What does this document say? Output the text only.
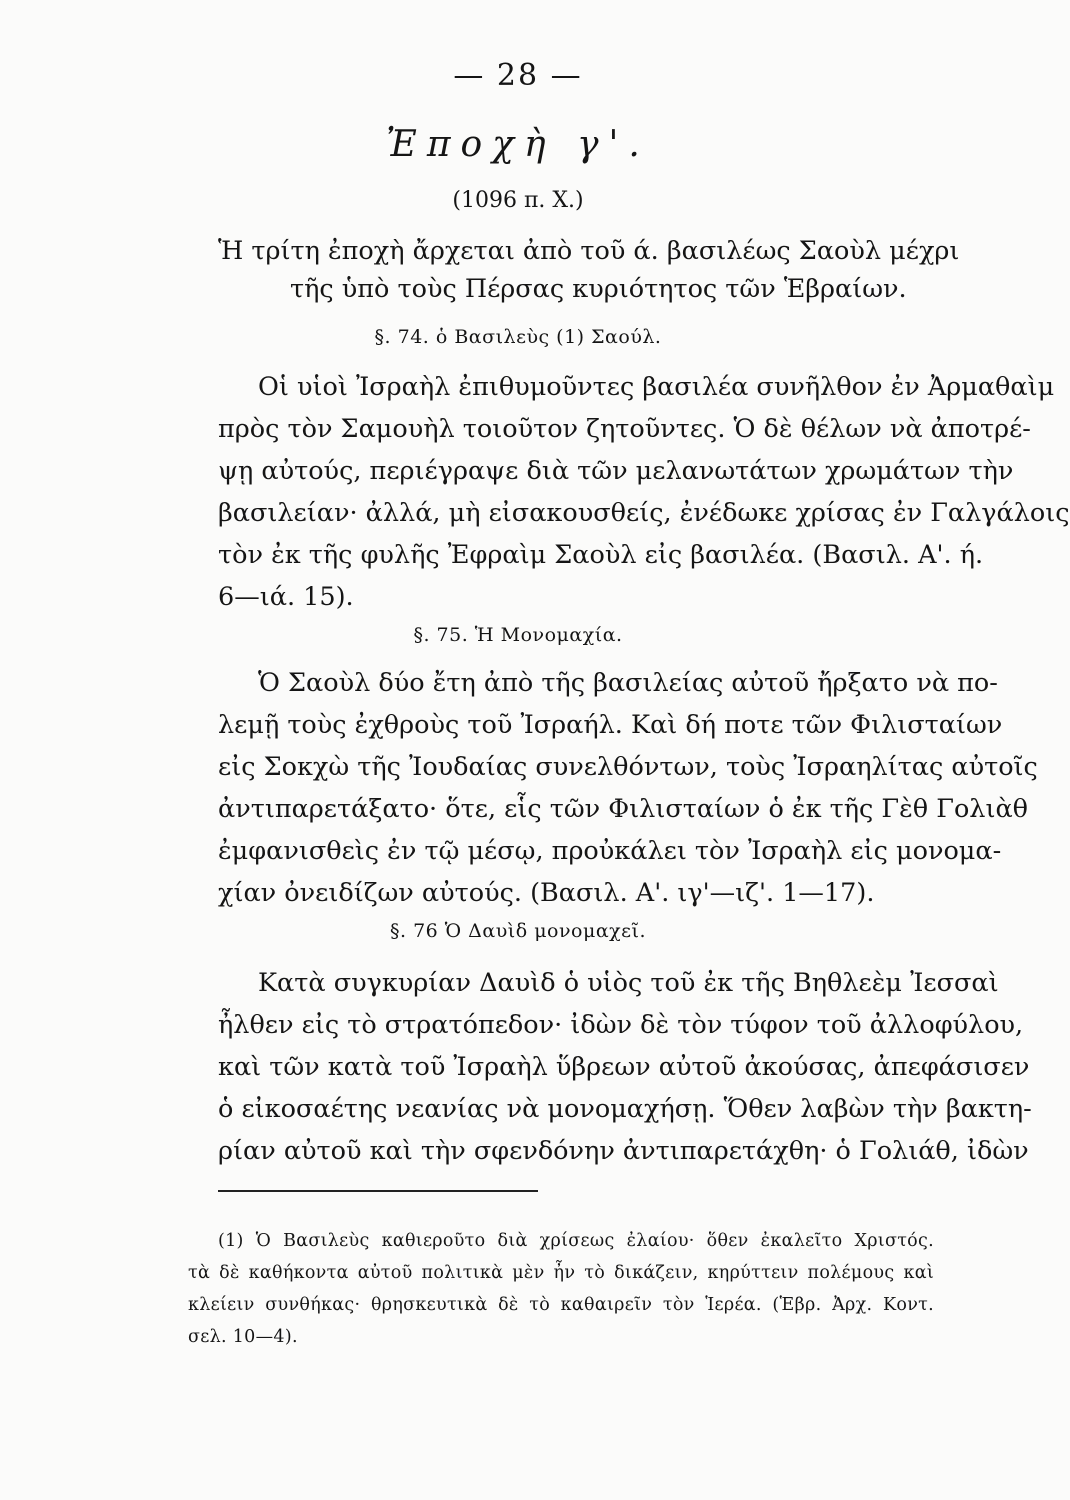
— 28 —
Ἐποχὴ γ'.
(1096 π. Χ.)
Ἡ τρίτη ἐποχὴ ἄρχεται ἀπὸ τοῦ ά. βασιλέως Σαοὺλ μέχρι
τῆς ὑπὸ τοὺς Πέρσας κυριότητος τῶν Ἑβραίων.
§. 74. ὁ Βασιλεὺς (1) Σαούλ.
Οἱ υἱοὶ Ἰσραὴλ ἐπιθυμοῦντες βασιλέα συνῆλθον ἐν Ἀρμαθαὶμ
πρὸς τὸν Σαμουὴλ τοιοῦτον ζητοῦντες. Ὁ δὲ θέλων νὰ ἀποτρέ-
ψῃ αὐτούς, περιέγραψε διὰ τῶν μελανωτάτων χρωμάτων τὴν
βασιλείαν· ἀλλά, μὴ εἰσακουσθείς, ἐνέδωκε χρίσας ἐν Γαλγάλοις
τὸν ἐκ τῆς φυλῆς Ἐφραὶμ Σαοὺλ εἰς βασιλέα. (Βασιλ. Α'. ή.
6—ιά. 15).
§. 75. Ἡ Μονομαχία.
Ὁ Σαοὺλ δύο ἔτη ἀπὸ τῆς βασιλείας αὐτοῦ ἤρξατο νὰ πο-
λεμῇ τοὺς ἐχθροὺς τοῦ Ἰσραήλ. Καὶ δή ποτε τῶν Φιλισταίων
εἰς Σοκχὼ τῆς Ἰουδαίας συνελθόντων, τοὺς Ἰσραηλίτας αὐτοῖς
ἀντιπαρετάξατο· ὅτε, εἷς τῶν Φιλισταίων ὁ ἐκ τῆς Γὲθ Γολιὰθ
ἐμφανισθεὶς ἐν τῷ μέσῳ, προὐκάλει τὸν Ἰσραὴλ εἰς μονομα-
χίαν ὀνειδίζων αὐτούς. (Βασιλ. Α'. ιγ'—ιζ'. 1—17).
§. 76 Ὁ Δαυὶδ μονομαχεῖ.
Κατὰ συγκυρίαν Δαυὶδ ὁ υἱὸς τοῦ ἐκ τῆς Βηθλεὲμ Ἰεσσαὶ
ἦλθεν εἰς τὸ στρατόπεδον· ἰδὼν δὲ τὸν τύφον τοῦ ἀλλοφύλου,
καὶ τῶν κατὰ τοῦ Ἰσραὴλ ὕβρεων αὐτοῦ ἀκούσας, ἀπεφάσισεν
ὁ εἰκοσαέτης νεανίας νὰ μονομαχήσῃ. Ὅθεν λαβὼν τὴν βακτη-
ρίαν αὐτοῦ καὶ τὴν σφενδόνην ἀντιπαρετάχθη· ὁ Γολιάθ, ἰδὼν
(1) Ὁ Βασιλεὺς καθιεροῦτο διὰ χρίσεως ἐλαίου· ὅθεν ἐκαλεῖτο Χριστός.
τὰ δὲ καθήκοντα αὐτοῦ πολιτικὰ μὲν ἦν τὸ δικάζειν, κηρύττειν πολέμους καὶ
κλείειν συνθήκας· θρησκευτικὰ δὲ τὸ καθαιρεῖν τὸν Ἱερέα. (Ἑβρ. Ἀρχ. Κοντ.
σελ. 10—4).
